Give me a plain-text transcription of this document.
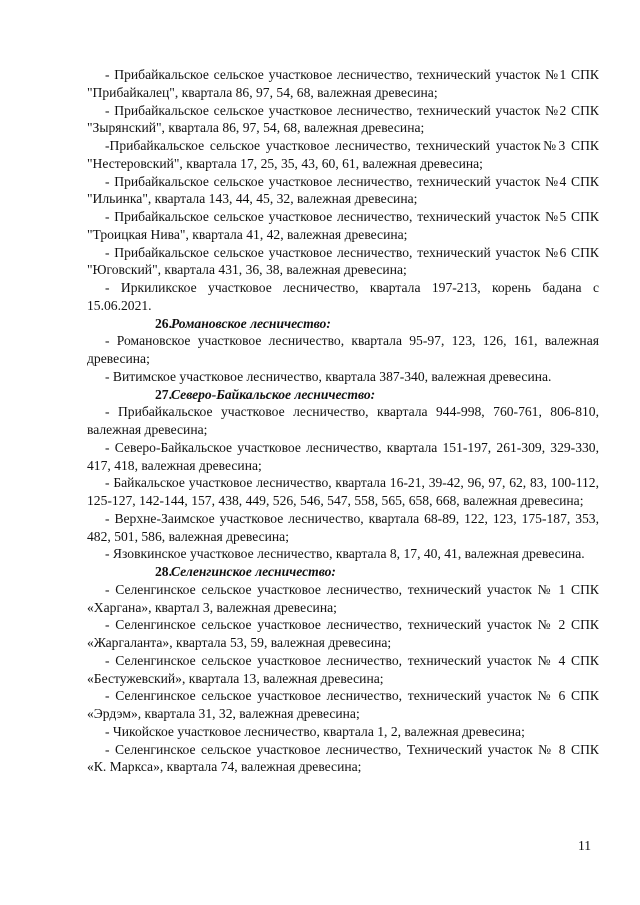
- Прибайкальское сельское участковое лесничество, технический участок №1 СПК "Прибайкалец", квартала 86, 97, 54, 68, валежная древесина;

- Прибайкальское сельское участковое лесничество, технический участок №2 СПК "Зырянский", квартала 86, 97, 54, 68, валежная древесина;

-Прибайкальское сельское участковое лесничество, технический участок№3 СПК "Нестеровский", квартала 17, 25, 35, 43, 60, 61, валежная древесина;

- Прибайкальское сельское участковое лесничество, технический участок №4 СПК "Ильинка", квартала 143, 44, 45, 32, валежная древесина;

- Прибайкальское сельское участковое лесничество, технический участок №5 СПК "Троицкая Нива", квартала 41, 42, валежная древесина;

- Прибайкальское сельское участковое лесничество, технический участок №6 СПК "Юговский", квартала 431, 36, 38, валежная древесина;

- Иркиликское участковое лесничество, квартала 197-213, корень бадана с 15.06.2021.

26.Романовское лесничество:

- Романовское участковое лесничество, квартала 95-97, 123, 126, 161, валежная древесина;

- Витимское участковое лесничество, квартала 387-340, валежная древесина.

27.Северо-Байкальское лесничество:

- Прибайкальское участковое лесничество, квартала 944-998, 760-761, 806-810, валежная древесина;

- Северо-Байкальское участковое лесничество, квартала 151-197, 261-309, 329-330, 417, 418, валежная древесина;

- Байкальское участковое лесничество, квартала 16-21, 39-42, 96, 97, 62, 83, 100-112, 125-127, 142-144, 157, 438, 449, 526, 546, 547, 558, 565, 658, 668, валежная древесина;

- Верхне-Заимское участковое лесничество, квартала 68-89, 122, 123, 175-187, 353, 482, 501, 586, валежная древесина;

- Язовкинское участковое лесничество, квартала 8, 17, 40, 41, валежная древесина.

28.Селенгинское лесничество:

- Селенгинское сельское участковое лесничество, технический участок № 1 СПК «Харгана», квартал 3, валежная древесина;

- Селенгинское сельское участковое лесничество, технический участок № 2 СПК «Жаргаланта», квартала 53, 59, валежная древесина;

- Селенгинское сельское участковое лесничество, технический участок № 4 СПК «Бестужевский», квартала 13, валежная древесина;

- Селенгинское сельское участковое лесничество, технический участок № 6 СПК «Эрдэм», квартала 31, 32, валежная древесина;

- Чикойское участковое лесничество, квартала 1, 2, валежная древесина;

- Селенгинское сельское участковое лесничество, Технический участок № 8 СПК «К. Маркса», квартала 74, валежная древесина;

11
